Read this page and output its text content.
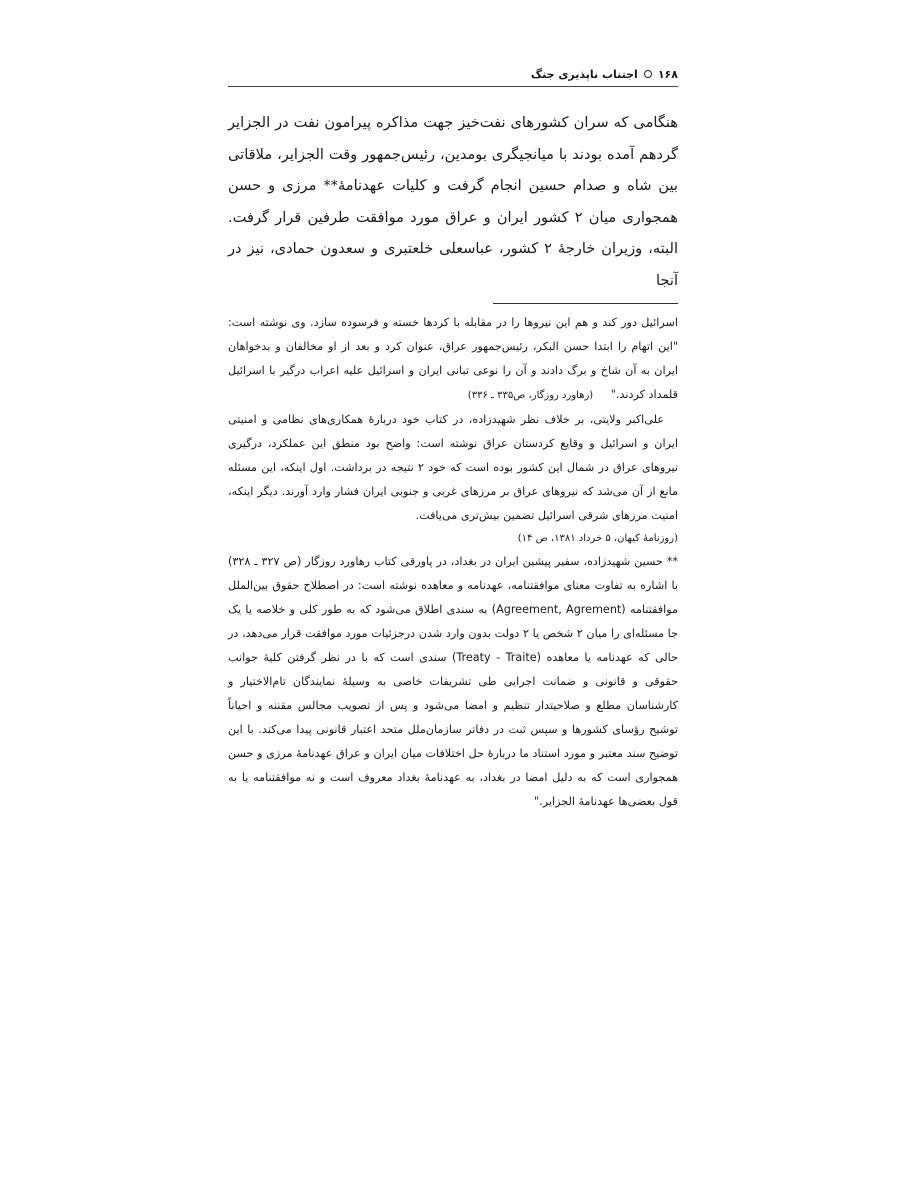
۱۶۸
اجتناب ناپذیری جنگ

هنگامی که سران کشورهای نفت‌خیز جهت مذاکره پیرامون نفت در الجزایر گردهم آمده بودند با میانجیگری بومدین، رئیس‌جمهور وقت الجزایر، ملاقاتی بین شاه و صدام حسین انجام گرفت و کلیات عهدنامهٔ** مرزی و حسن همجواری میان ۲ کشور ایران و عراق مورد موافقت طرفین قرار گرفت. البته، وزیران خارجهٔ ۲ کشور، عباسعلی خلعتبری و سعدون حمادی، نیز در آنجا

اسرائیل دور کند و هم این نیروها را در مقابله با کردها خسته و فرسوده سازد. وی نوشته است: "این اتهام را ابتدا حسن البکر، رئیس‌جمهور عراق، عنوان کرد و بعد از او مخالفان و بدخواهان ایران به آن شاخ و برگ دادند و آن را نوعی تبانی ایران و اسرائیل علیه اعراب درگیر با اسرائیل قلمداد کردند." (رهاورد روزگار، ص۳۳۵ ـ ۳۳۶)

علی‌اکبر ولایتی، بر خلاف نظر شهیدزاده، در کتاب خود دربارهٔ همکاری‌های نظامی و امنیتی ایران و اسرائیل و وقایع کردستان عراق نوشته است: واضح بود منطق این عملکرد، درگیری نیروهای عراق در شمال این کشور بوده است که خود ۲ نتیجه در برداشت. اول اینکه، این مسئله مانع از آن می‌شد که نیروهای عراق بر مرزهای غربی و جنوبی ایران فشار وارد آورند. دیگر اینکه، امنیت مرزهای شرقی اسرائیل تضمین بیش‌تری می‌یافت.

(روزنامهٔ کیهان، ۵ خرداد ۱۳۸۱، ص ۱۴)

** حسین شهیدزاده، سفیر پیشین ایران در بغداد، در پاورقی کتاب رهاورد روزگار (ص ۳۲۷ ـ ۳۲۸) با اشاره به تفاوت معنای موافقتنامه، عهدنامه و معاهده نوشته است: در اصطلاح حقوق بین‌الملل موافقتنامه (Agreement, Agrement) به سندی اطلاق می‌شود که به طور کلی و خلاصه یا یک جا مسئله‌ای را میان ۲ شخص یا ۲ دولت بدون وارد شدن درجزئیات مورد موافقت قرار می‌دهد، در حالی که عهدنامه یا معاهده (Treaty - Traite) سندی است که با در نظر گرفتن کلیهٔ جوانب حقوقی و قانونی و ضمانت اجرایی طی تشریفات خاصی به وسیلهٔ نمایندگان تام‌الاختیار و کارشناسان مطلع و صلاحیتدار تنظیم و امضا می‌شود و پس از تصویب مجالس مقننه و احیاناً توشیح رؤسای کشورها و سپس ثبت در دفاتر سازمان‌ملل متحد اعتبار قانونی پیدا می‌کند. با این توضیح سند معتبر و مورد استناد ما دربارهٔ حل اختلافات میان ایران و عراق عهدنامهٔ مرزی و حسن همجواری است که به دلیل امضا در بغداد، به عهدنامهٔ بغداد معروف است و نه موافقتنامه یا به قول بعضی‌ها عهدنامهٔ الجزایر."
